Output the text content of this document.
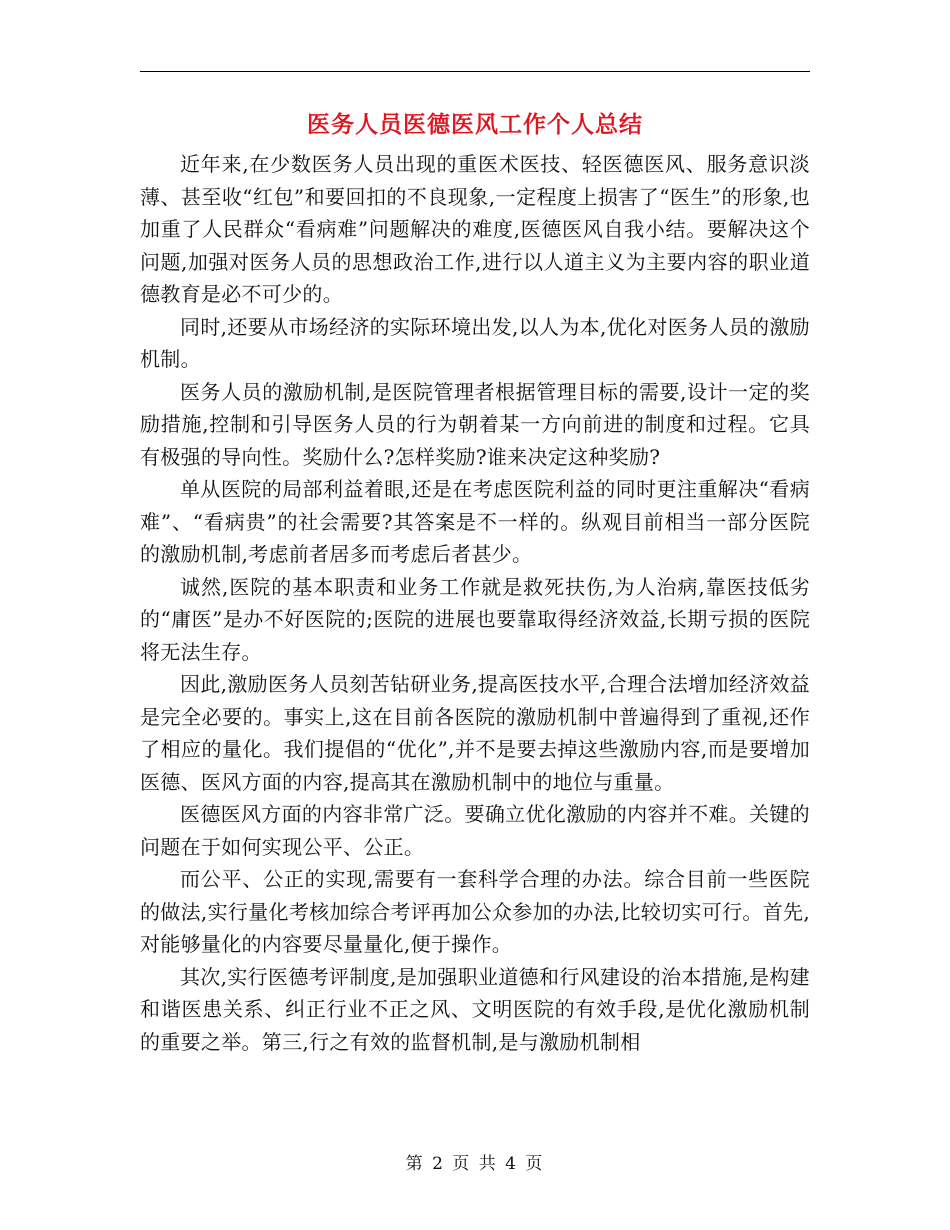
医务人员医德医风工作个人总结

近年来,在少数医务人员出现的重医术医技、轻医德医风、服务意识淡薄、甚至收“红包”和要回扣的不良现象,一定程度上损害了“医生”的形象,也加重了人民群众“看病难”问题解决的难度,医德医风自我小结。要解决这个问题,加强对医务人员的思想政治工作,进行以人道主义为主要内容的职业道德教育是必不可少的。

同时,还要从市场经济的实际环境出发,以人为本,优化对医务人员的激励机制。

医务人员的激励机制,是医院管理者根据管理目标的需要,设计一定的奖励措施,控制和引导医务人员的行为朝着某一方向前进的制度和过程。它具有极强的导向性。奖励什么?怎样奖励?谁来决定这种奖励?

单从医院的局部利益着眼,还是在考虑医院利益的同时更注重解决“看病难”、“看病贵”的社会需要?其答案是不一样的。纵观目前相当一部分医院的激励机制,考虑前者居多而考虑后者甚少。

诚然,医院的基本职责和业务工作就是救死扶伤,为人治病,靠医技低劣的“庸医”是办不好医院的;医院的进展也要靠取得经济效益,长期亏损的医院将无法生存。

因此,激励医务人员刻苦钻研业务,提高医技水平,合理合法增加经济效益是完全必要的。事实上,这在目前各医院的激励机制中普遍得到了重视,还作了相应的量化。我们提倡的“优化”,并不是要去掉这些激励内容,而是要增加医德、医风方面的内容,提高其在激励机制中的地位与重量。

医德医风方面的内容非常广泛。要确立优化激励的内容并不难。关键的问题在于如何实现公平、公正。

而公平、公正的实现,需要有一套科学合理的办法。综合目前一些医院的做法,实行量化考核加综合考评再加公众参加的办法,比较切实可行。首先,对能够量化的内容要尽量量化,便于操作。

其次,实行医德考评制度,是加强职业道德和行风建设的治本措施,是构建和谐医患关系、纠正行业不正之风、文明医院的有效手段,是优化激励机制的重要之举。第三,行之有效的监督机制,是与激励机制相

第 2 页 共 4 页
